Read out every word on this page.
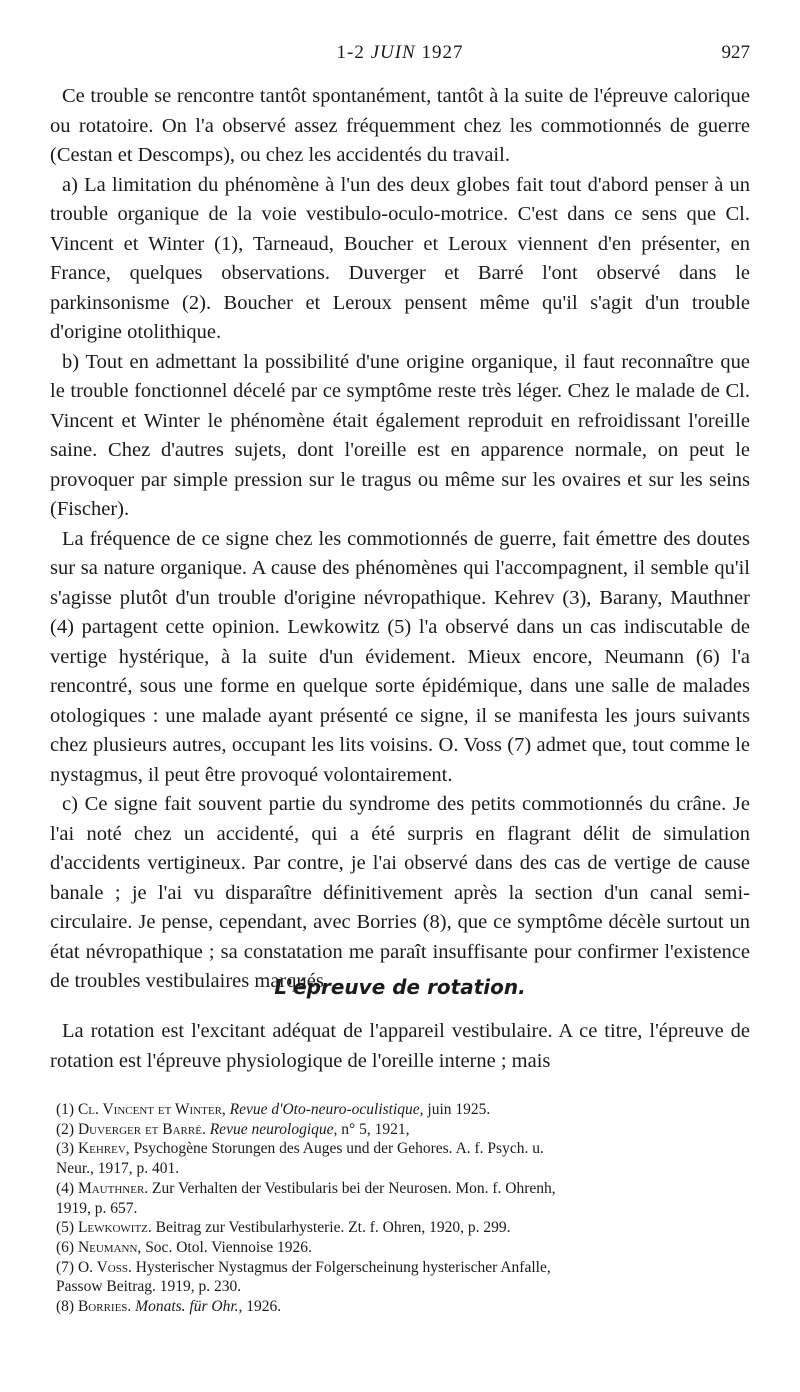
1-2 JUIN 1927	927

Ce trouble se rencontre tantôt spontanément, tantôt à la suite de l'épreuve calorique ou rotatoire. On l'a observé assez fréquemment chez les commotionnés de guerre (Cestan et Descomps), ou chez les accidentés du travail.

a) La limitation du phénomène à l'un des deux globes fait tout d'abord penser à un trouble organique de la voie vestibulo-oculo-motrice. C'est dans ce sens que Cl. Vincent et Winter (1), Tarneaud, Boucher et Leroux viennent d'en présenter, en France, quelques observations. Duverger et Barré l'ont observé dans le parkinsonisme (2). Boucher et Leroux pensent même qu'il s'agit d'un trouble d'origine otolithique.

b) Tout en admettant la possibilité d'une origine organique, il faut reconnaître que le trouble fonctionnel décelé par ce symptôme reste très léger. Chez le malade de Cl. Vincent et Winter le phénomène était également reproduit en refroidissant l'oreille saine. Chez d'autres sujets, dont l'oreille est en apparence normale, on peut le provoquer par simple pression sur le tragus ou même sur les ovaires et sur les seins (Fischer).

La fréquence de ce signe chez les commotionnés de guerre, fait émettre des doutes sur sa nature organique. A cause des phénomènes qui l'accompagnent, il semble qu'il s'agisse plutôt d'un trouble d'origine névropathique. Kehrev (3), Barany, Mauthner (4) partagent cette opinion. Lewkowitz (5) l'a observé dans un cas indiscutable de vertige hystérique, à la suite d'un évidement. Mieux encore, Neumann (6) l'a rencontré, sous une forme en quelque sorte épidémique, dans une salle de malades otologiques : une malade ayant présenté ce signe, il se manifesta les jours suivants chez plusieurs autres, occupant les lits voisins. O. Voss (7) admet que, tout comme le nystagmus, il peut être provoqué volontairement.

c) Ce signe fait souvent partie du syndrome des petits commotionnés du crâne. Je l'ai noté chez un accidenté, qui a été surpris en flagrant délit de simulation d'accidents vertigineux. Par contre, je l'ai observé dans des cas de vertige de cause banale ; je l'ai vu disparaître définitivement après la section d'un canal semi-circulaire. Je pense, cependant, avec Borries (8), que ce symptôme décèle surtout un état névropathique ; sa constatation me paraît insuffisante pour confirmer l'existence de troubles vestibulaires marqués.

L'épreuve de rotation.

La rotation est l'excitant adéquat de l'appareil vestibulaire. A ce titre, l'épreuve de rotation est l'épreuve physiologique de l'oreille interne ; mais

(1) Cl. Vincent et Winter, Revue d'Oto-neuro-oculistique, juin 1925.
(2) Duverger et Barré. Revue neurologique, n° 5, 1921,
(3) Kehrev, Psychogène Storungen des Auges und der Gehores. A. f. Psych. u.
Neur., 1917, p. 401.
(4) Mauthner. Zur Verhalten der Vestibularis bei der Neurosen. Mon. f. Ohrenh,
1919, p. 657.
(5) Lewkowitz. Beitrag zur Vestibularhysterie. Zt. f. Ohren, 1920, p. 299.
(6) Neumann, Soc. Otol. Viennoise 1926.
(7) O. Voss. Hysterischer Nystagmus der Folgerscheinung hysterischer Anfalle,
Passow Beitrag. 1919, p. 230.
(8) Borries. Monats. für Ohr., 1926.
